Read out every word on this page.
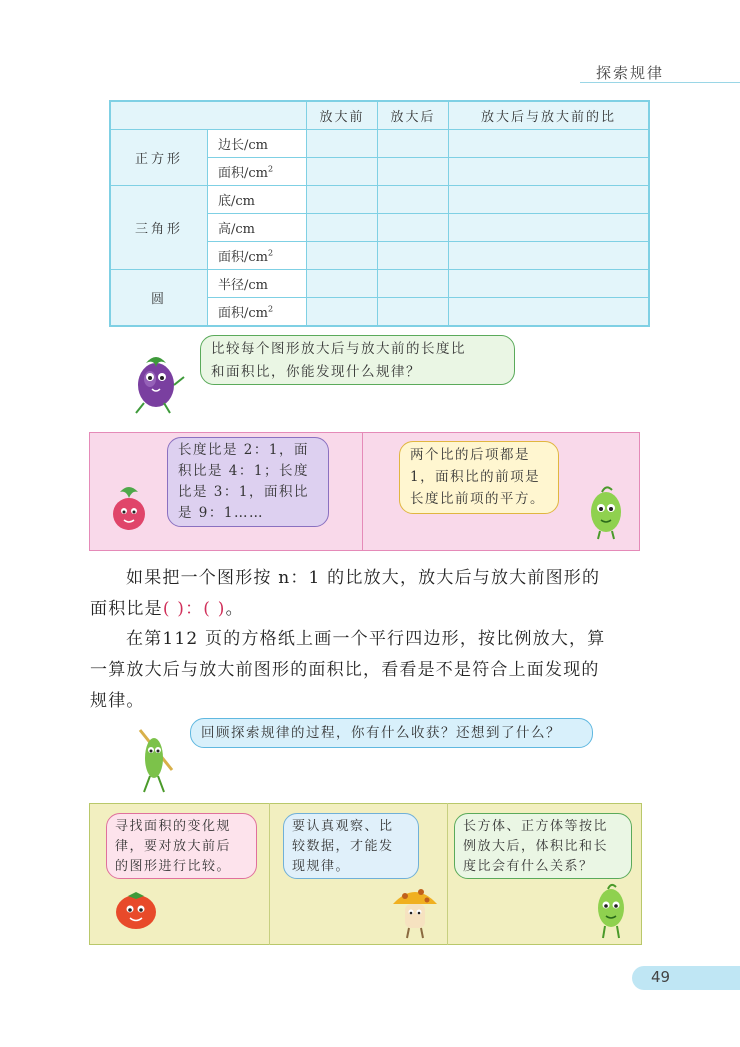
探索规律
		放大前	放大后	放大后与放大前的比
正方形	边长/cm			
	面积$/cm^2$			
三角形	底/cm			
	高/cm			
	面积$/cm^2$			
圆	半径/cm			
	面积$/cm^2$			
比较每个图形放大后与放大前的长度比
和面积比，你能发现什么规律？
长度比是 2：1，面
积比是 4：1；长度
比是 3：1，面积比
是 9：1……
两个比的后项都是
1，面积比的前项是
长度比前项的平方。
如果把一个图形按 n：1 的比放大，放大后与放大前图形的
面积比是( )：( )。
在第112 页的方格纸上画一个平行四边形，按比例放大，算
一算放大后与放大前图形的面积比，看看是不是符合上面发现的
规律。
回顾探索规律的过程，你有什么收获？还想到了什么？
寻找面积的变化规
律，要对放大前后
的图形进行比较。
要认真观察、比
较数据，才能发
现规律。
长方体、正方体等按比
例放大后，体积比和长
度比会有什么关系？
49
